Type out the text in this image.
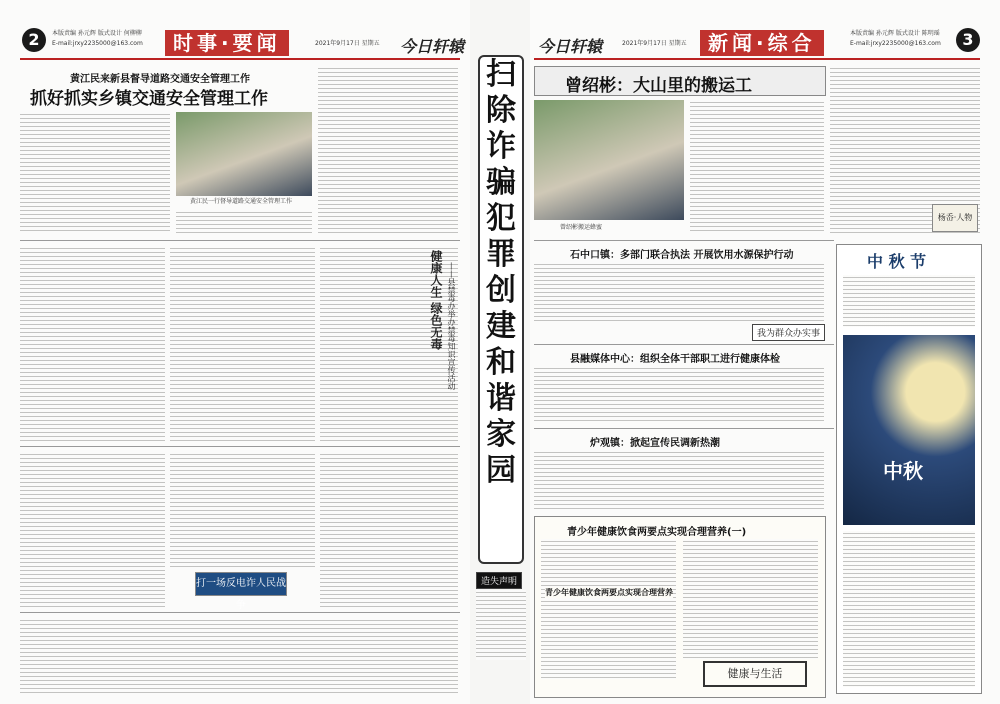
2	本版责编 孙元辉 版式设计 何柳柳
E-mail:jrxy2235000@163.com	时事·要闻	2021年9月17日 星期五 今日轩辕
黄江民来新县督导道路交通安全管理工作
抓好抓实乡镇交通安全管理工作
黄江民一行督导道路交通安全管理工作
打一场反电诈人民战争
扫
除
诈
骗
犯
罪
创
建
和
谐
家
园
健康人生 绿色无毒 ——县禁毒办举办禁毒知识宣传活动
造失声明
今日轩辕	2021年9月17日 星期五	新闻·综合	本版责编 孙元辉 版式设计 陈明瑶
E-mail:jrxy2235000@163.com	3
曾绍彬：大山里的搬运工
曾绍彬搬运蜂蜜
杨岙·人物
石中口镇：多部门联合执法 开展饮用水源保护行动
我为群众办实事
县融媒体中心：组织全体干部职工进行健康体检
炉观镇：掀起宣传民调新热潮
青少年健康饮食两要点实现合理营养(一)
青少年健康饮食两要点实现合理营养
健康与生活
中 秋 节
中秋
